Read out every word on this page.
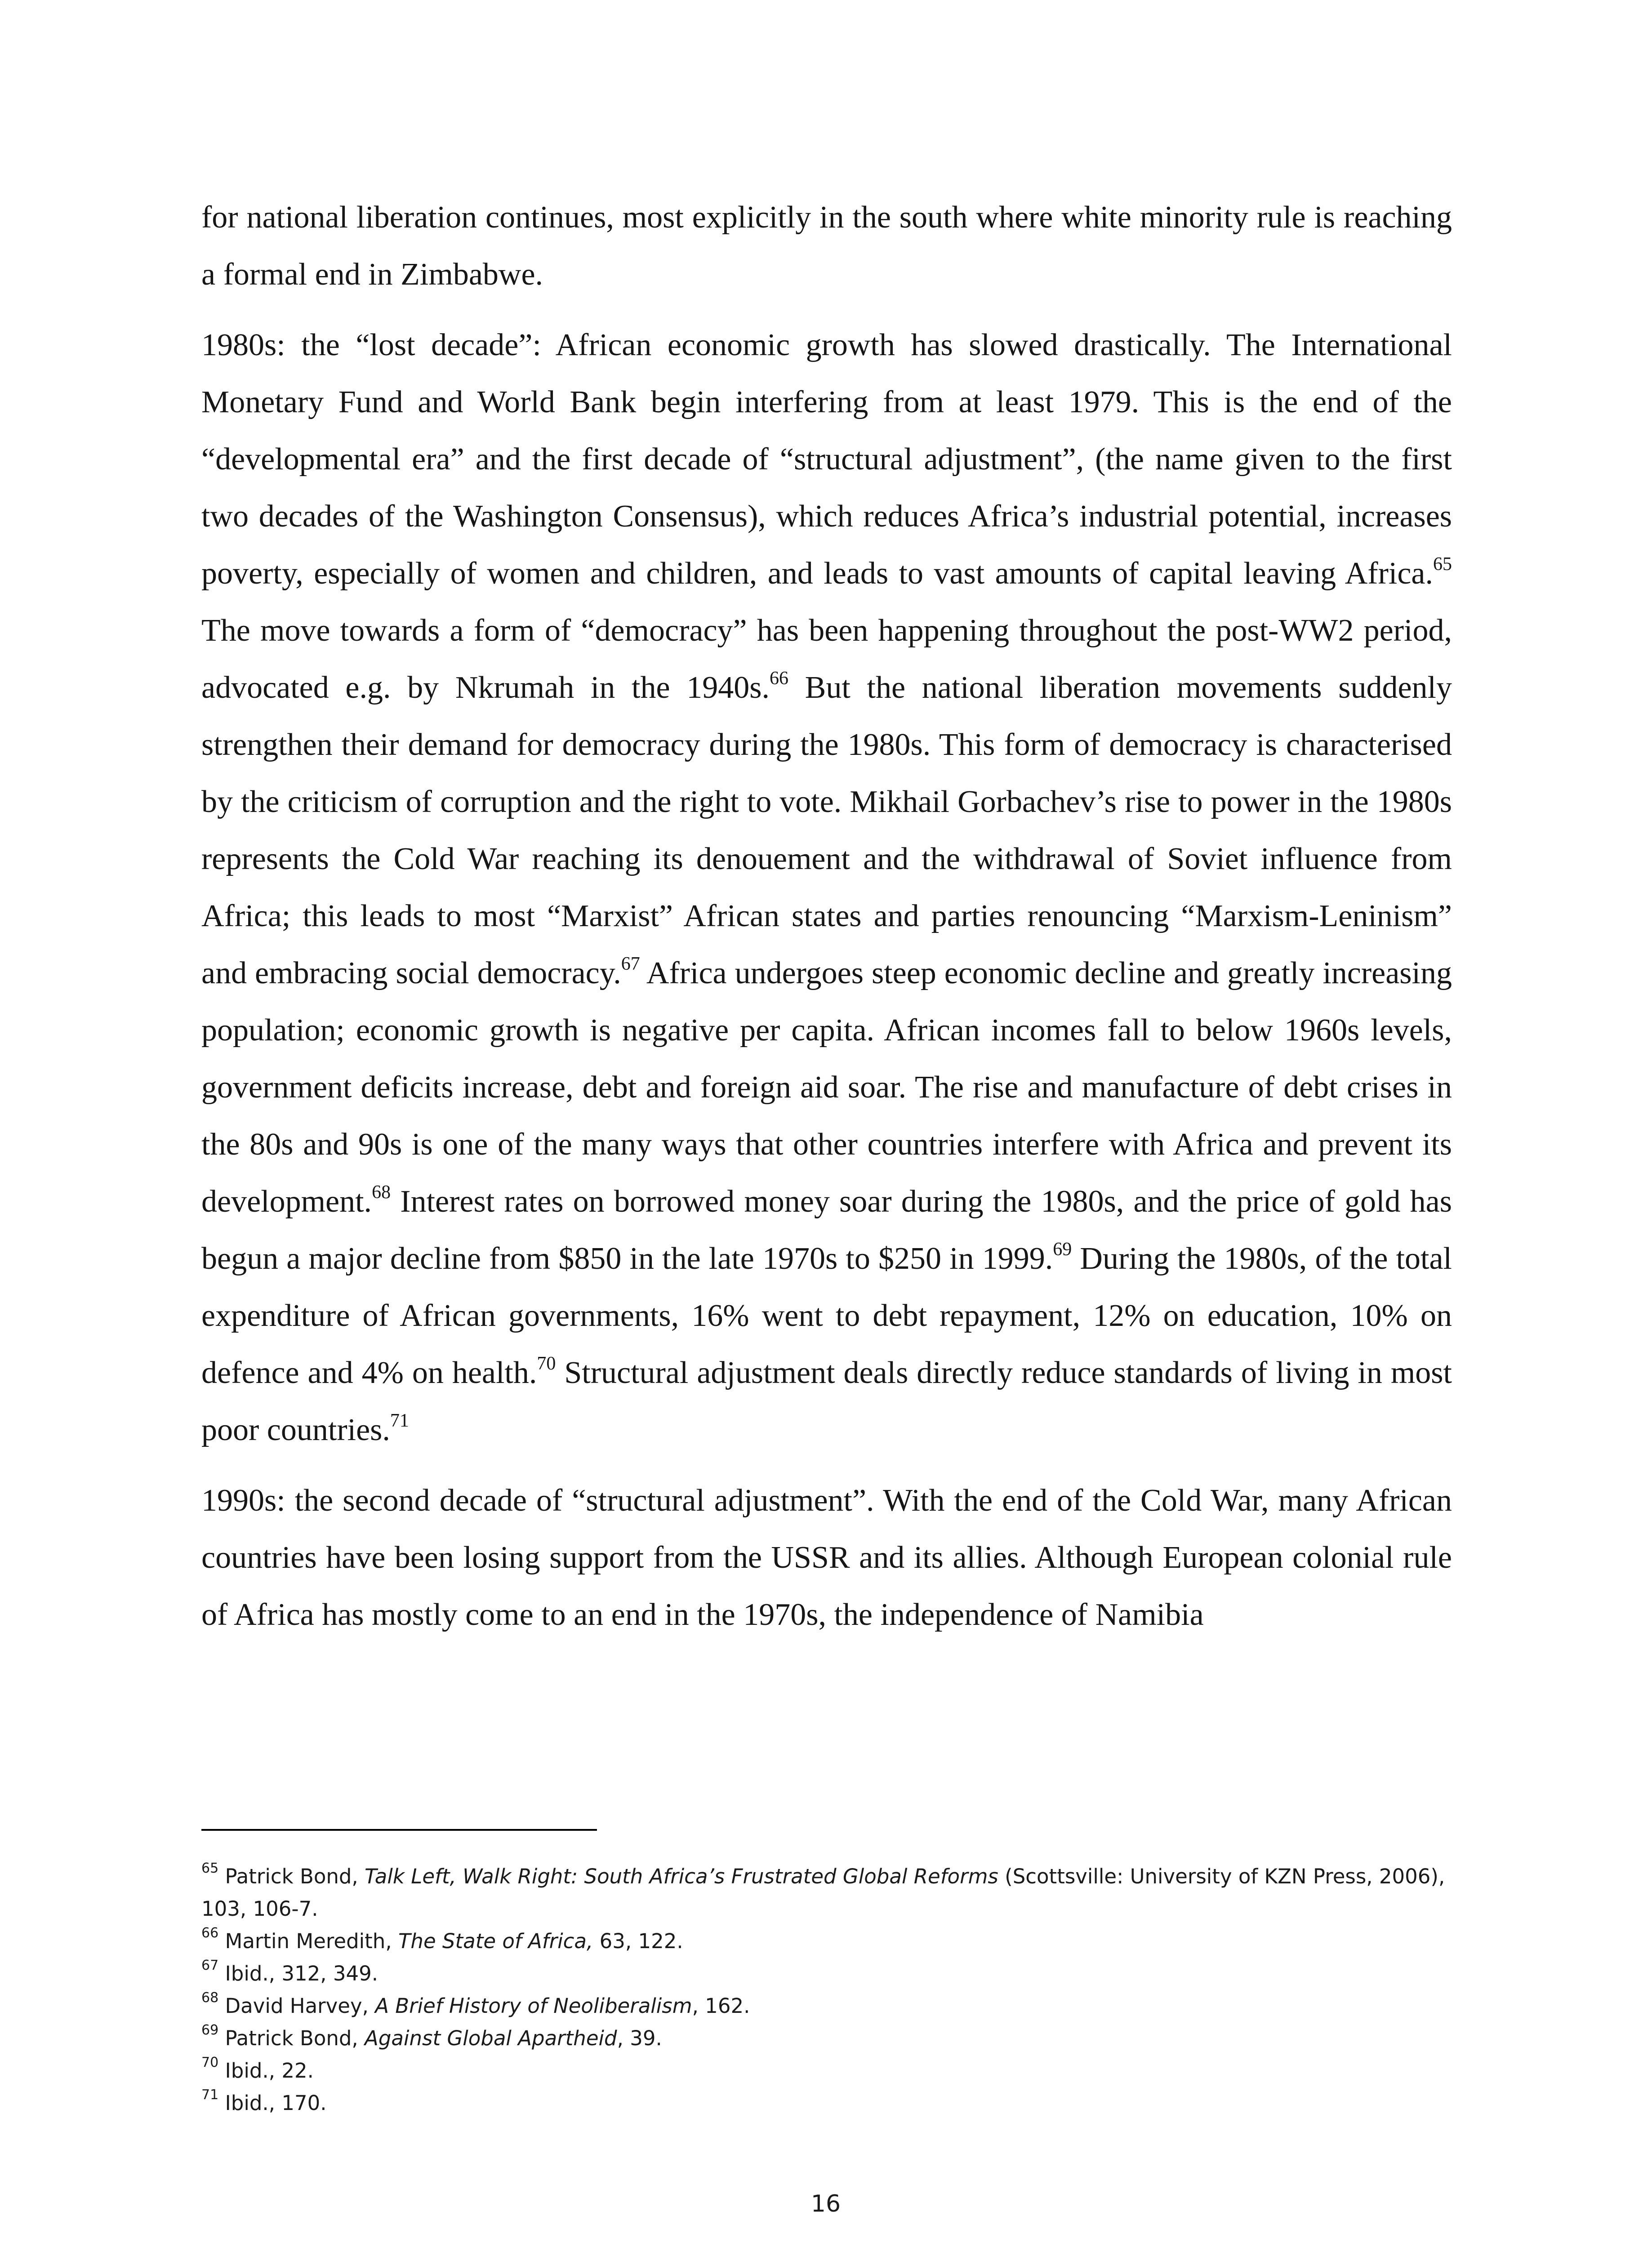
for national liberation continues, most explicitly in the south where white minority rule is reaching a formal end in Zimbabwe.

1980s: the “lost decade”: African economic growth has slowed drastically. The International Monetary Fund and World Bank begin interfering from at least 1979. This is the end of the “developmental era” and the first decade of “structural adjustment”, (the name given to the first two decades of the Washington Consensus), which reduces Africa’s industrial potential, increases poverty, especially of women and children, and leads to vast amounts of capital leaving Africa.$^{65}$ The move towards a form of “democracy” has been happening throughout the post-WW2 period, advocated e.g. by Nkrumah in the 1940s.$^{66}$ But the national liberation movements suddenly strengthen their demand for democracy during the 1980s. This form of democracy is characterised by the criticism of corruption and the right to vote. Mikhail Gorbachev’s rise to power in the 1980s represents the Cold War reaching its denouement and the withdrawal of Soviet influence from Africa; this leads to most “Marxist” African states and parties renouncing “Marxism-Leninism” and embracing social democracy.$^{67}$ Africa undergoes steep economic decline and greatly increasing population; economic growth is negative per capita. African incomes fall to below 1960s levels, government deficits increase, debt and foreign aid soar. The rise and manufacture of debt crises in the 80s and 90s is one of the many ways that other countries interfere with Africa and prevent its development.$^{68}$ Interest rates on borrowed money soar during the 1980s, and the price of gold has begun a major decline from $850 in the late 1970s to $250 in 1999.69 During the 1980s, of the total expenditure of African governments, 16% went to debt repayment, 12% on education, 10% on defence and 4% on health.$^{70}$ Structural adjustment deals directly reduce standards of living in most poor countries.$^{71}$

1990s: the second decade of “structural adjustment”. With the end of the Cold War, many African countries have been losing support from the USSR and its allies. Although European colonial rule of Africa has mostly come to an end in the 1970s, the independence of Namibia

$^{65}$ Patrick Bond, Talk Left, Walk Right: South Africa’s Frustrated Global Reforms (Scottsville: University of KZN Press, 2006), 103, 106-7.

$^{66}$ Martin Meredith, The State of Africa, 63, 122.

$^{67}$ Ibid., 312, 349.

$^{68}$ David Harvey, A Brief History of Neoliberalism, 162.

$^{69}$ Patrick Bond, Against Global Apartheid, 39.

$^{70}$ Ibid., 22.

$^{71}$ Ibid., 170.

16
